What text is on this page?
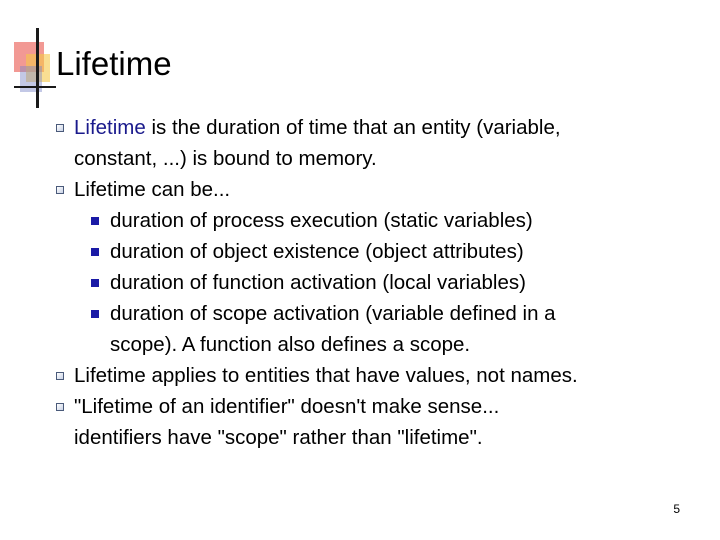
Lifetime
Lifetime is the duration of time that an entity (variable,
constant, ...) is bound to memory.
Lifetime can be...
duration of process execution (static variables)
duration of object existence (object attributes)
duration of function activation (local variables)
duration of scope activation (variable defined in a
scope). A function also defines a scope.
Lifetime applies to entities that have values, not names.
"Lifetime of an identifier" doesn't make sense...
identifiers have "scope" rather than "lifetime".
5
